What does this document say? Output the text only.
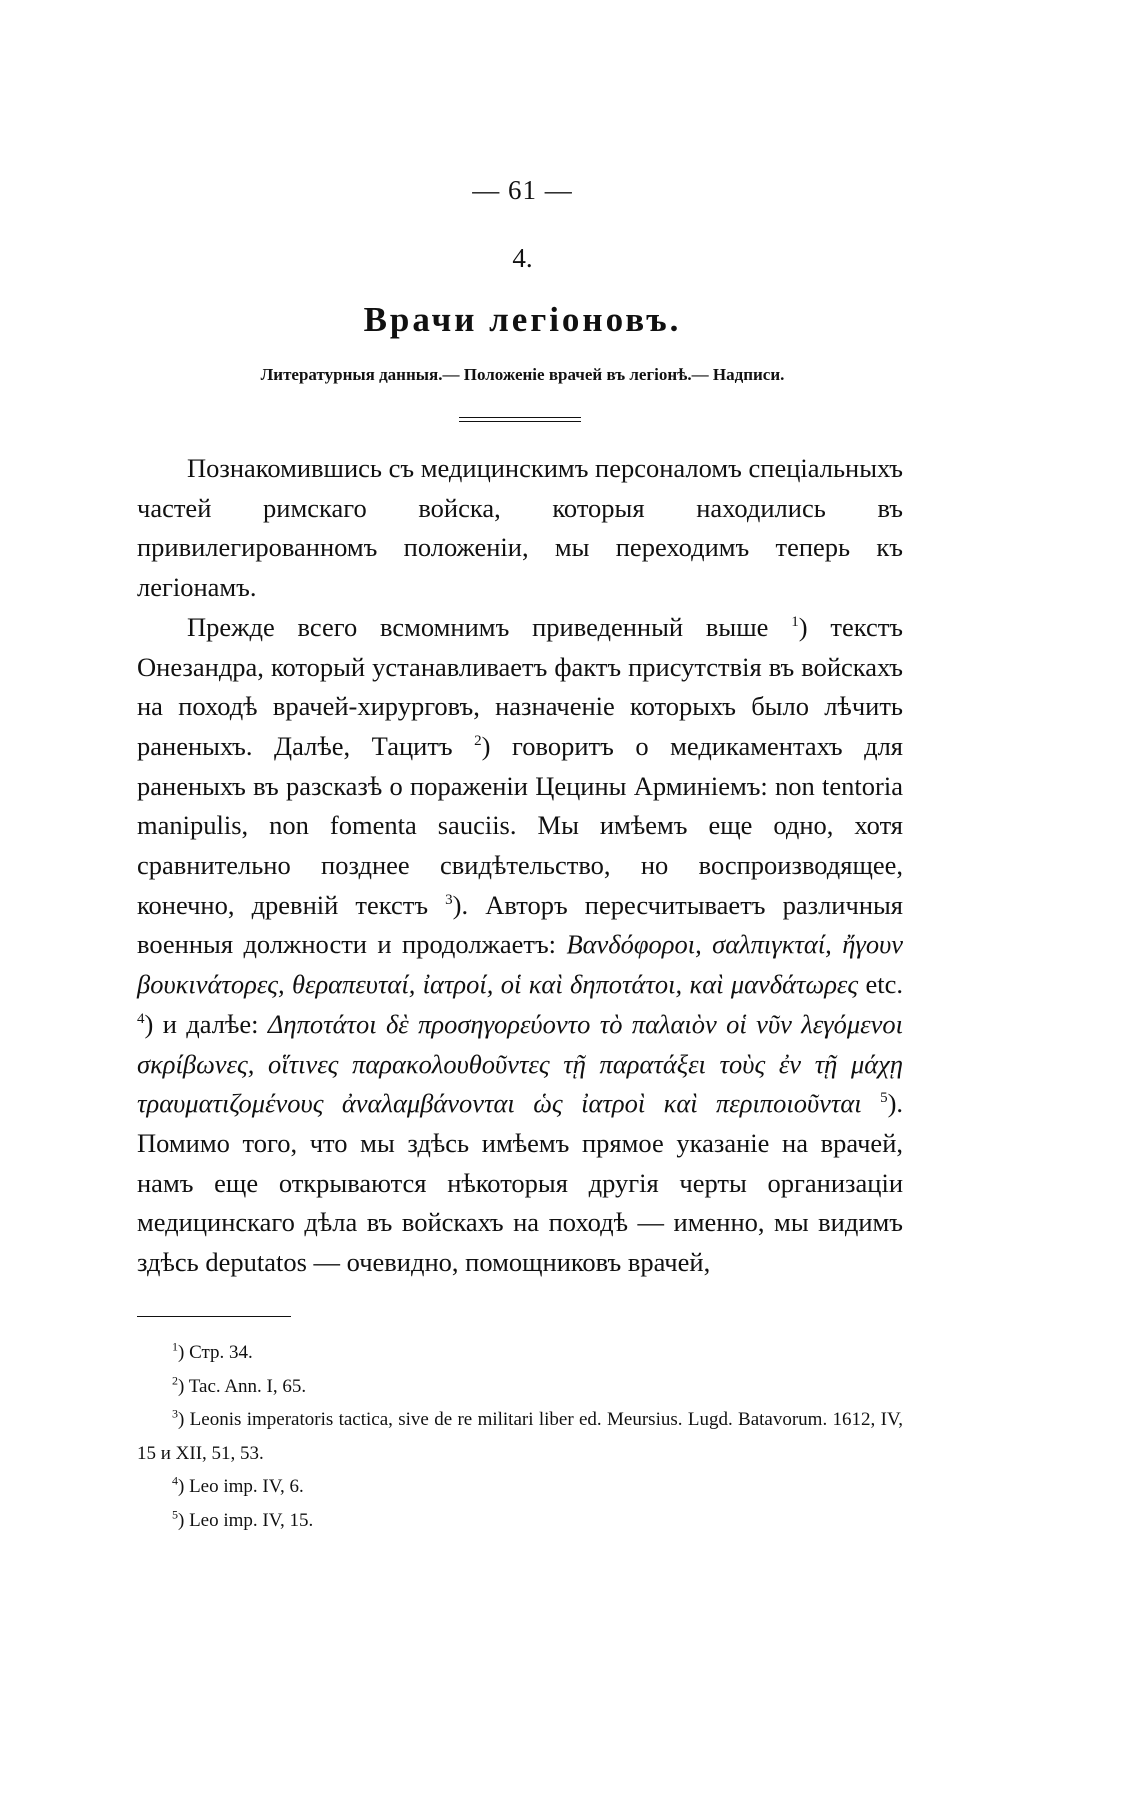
— 61 —
4.
Врачи легіоновъ.
Литературныя данныя.— Положеніе врачей въ легіонѣ.— Надписи.

Познакомившись съ медицинскимъ персоналомъ спеціальныхъ частей римскаго войска, которыя находились въ привилегированномъ положеніи, мы переходимъ теперь къ легіонамъ.

Прежде всего всмомнимъ приведенный выше $^1$) текстъ Онезандра, который устанавливаетъ фактъ присутствія въ войскахъ на походѣ врачей-хирурговъ, назначеніе которыхъ было лѣчить раненыхъ. Далѣе, Тацитъ $^2$) говоритъ о медикаментахъ для раненыхъ въ разсказѣ о пораженіи Цецины Арминіемъ: non tentoria manipulis, non fomenta sauciis. Мы имѣемъ еще одно, хотя сравнительно позднее свидѣтельство, но воспроизводящее, конечно, древній текстъ $^3$). Авторъ пересчитываетъ различныя военныя должности и продолжаетъ: Βανδόφοροι, σαλπιγκταί, ἤγουν βουκινάτορες, θεραπευταί, ἰατροί, οἱ καὶ δηποτάτοι, καὶ μανδάτωρες etc. $^4$) и далѣе: Δηποτάτοι δὲ προσηγορεύοντο τὸ παλαιὸν οἱ νῦν λεγόμενοι σκρίβωνες, οἵτινες παρακολουθοῦντες τῇ παρατάξει τοὺς ἐν τῇ μάχῃ τραυματιζομένους ἀναλαμβάνονται ὡς ἰατροὶ καὶ περιποιοῦνται $^5$). Помимо того, что мы здѣсь имѣемъ прямое указаніе на врачей, намъ еще открываются нѣкоторыя другія черты организаціи медицинскаго дѣла въ войскахъ на походѣ — именно, мы видимъ здѣсь deputatos — очевидно, помощниковъ врачей,

$^1$) Стр. 34.
$^2$) Tac. Ann. I, 65.
$^3$) Leonis imperatoris tactica, sive de re militari liber ed. Meursius. Lugd. Batavorum. 1612, IV, 15 и XII, 51, 53.
$^4$) Leo imp. IV, 6.
$^5$) Leo imp. IV, 15.
